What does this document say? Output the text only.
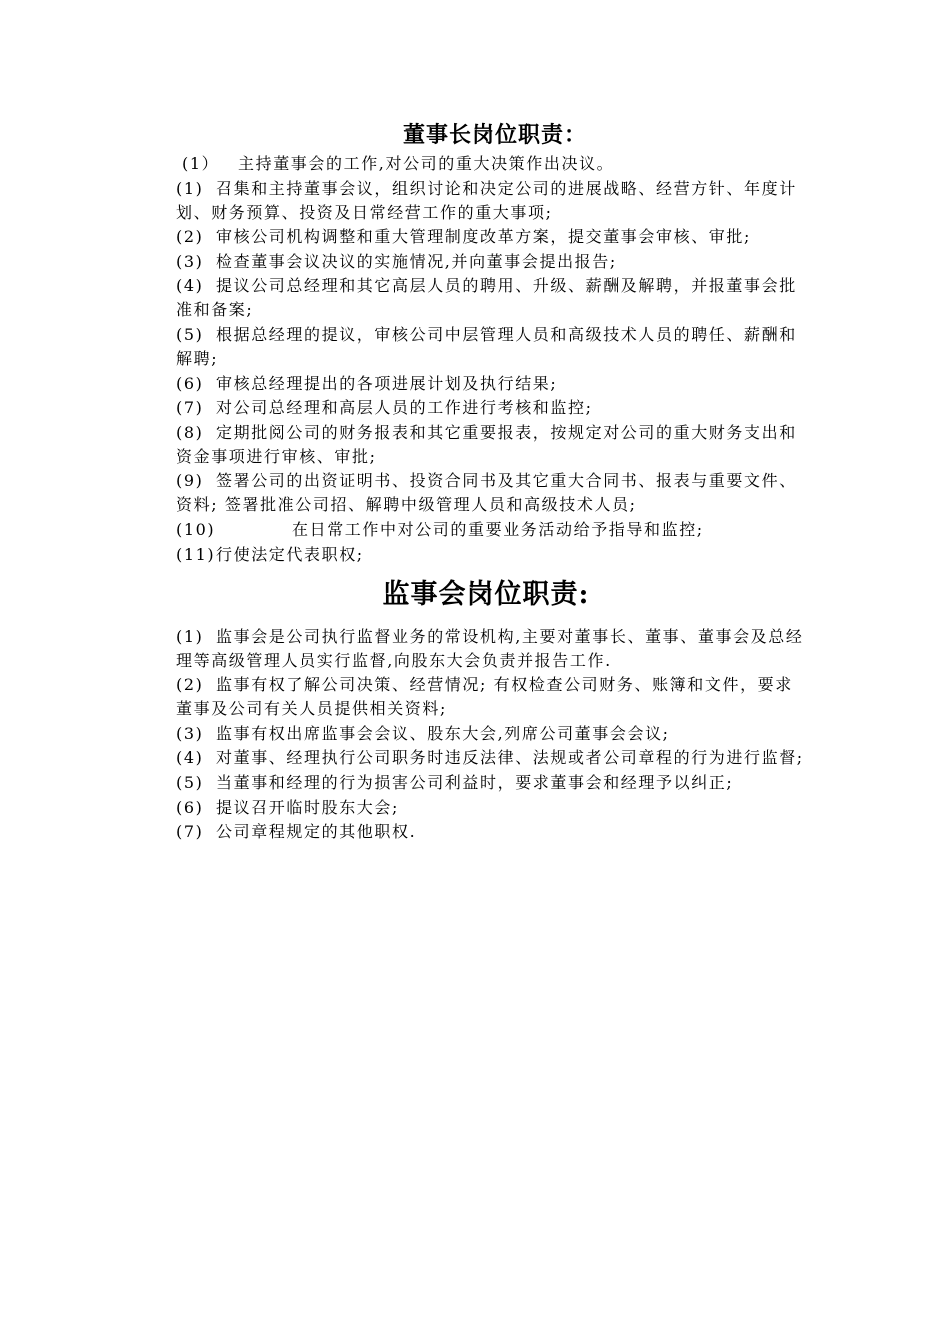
董事长岗位职责：

(1） 主持董事会的工作,对公司的重大决策作出决议。

(1) 召集和主持董事会议，组织讨论和决定公司的进展战略、经营方针、年度计划、财务预算、投资及日常经营工作的重大事项;

(2) 审核公司机构调整和重大管理制度改革方案，提交董事会审核、审批;

(3) 检查董事会议决议的实施情况,并向董事会提出报告;

(4) 提议公司总经理和其它高层人员的聘用、升级、薪酬及解聘，并报董事会批准和备案;

(5) 根据总经理的提议，审核公司中层管理人员和高级技术人员的聘任、薪酬和解聘;

(6) 审核总经理提出的各项进展计划及执行结果;

(7) 对公司总经理和高层人员的工作进行考核和监控;

(8) 定期批阅公司的财务报表和其它重要报表，按规定对公司的重大财务支出和资金事项进行审核、审批;

(9) 签署公司的出资证明书、投资合同书及其它重大合同书、报表与重要文件、资料; 签署批准公司招、解聘中级管理人员和高级技术人员;

(10)	在日常工作中对公司的重要业务活动给予指导和监控;

(11)行使法定代表职权;

监事会岗位职责:

(1) 监事会是公司执行监督业务的常设机构,主要对董事长、董事、董事会及总经理等高级管理人员实行监督,向股东大会负责并报告工作.

(2) 监事有权了解公司决策、经营情况; 有权检查公司财务、账簿和文件，要求董事及公司有关人员提供相关资料;

(3) 监事有权出席监事会会议、股东大会,列席公司董事会会议;

(4) 对董事、经理执行公司职务时违反法律、法规或者公司章程的行为进行监督;

(5) 当董事和经理的行为损害公司利益时，要求董事会和经理予以纠正;

(6) 提议召开临时股东大会;

(7) 公司章程规定的其他职权.
